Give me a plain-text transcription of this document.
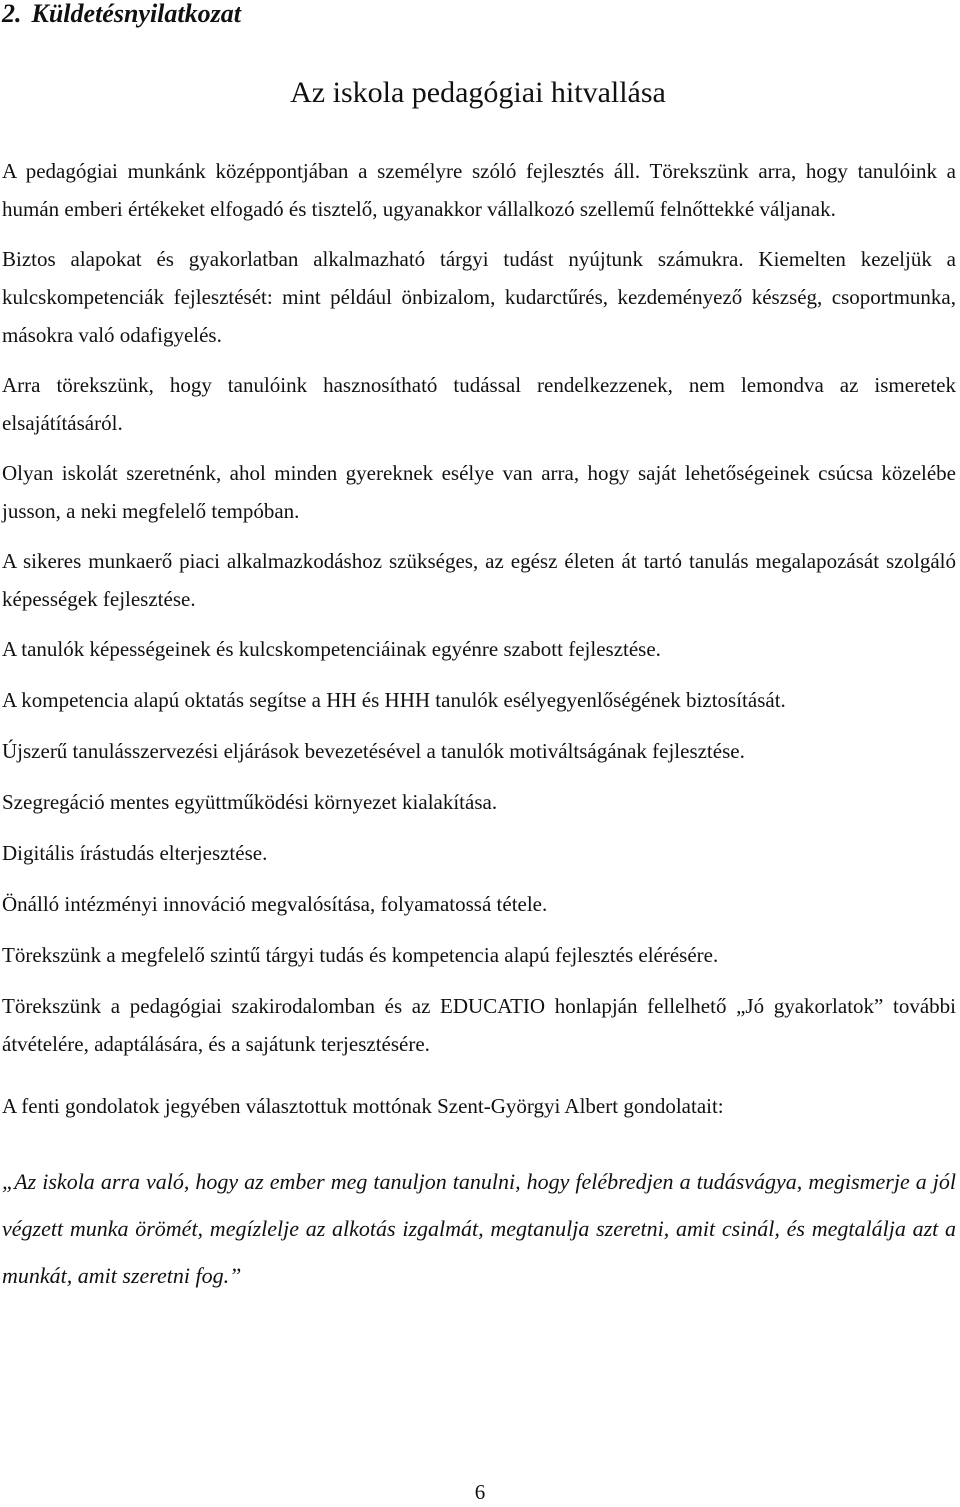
2. Küldetésnyilatkozat
Az iskola pedagógiai hitvallása

A pedagógiai munkánk középpontjában a személyre szóló fejlesztés áll. Törekszünk arra, hogy tanulóink a humán emberi értékeket elfogadó és tisztelő, ugyanakkor vállalkozó szellemű felnőttekké váljanak.

Biztos alapokat és gyakorlatban alkalmazható tárgyi tudást nyújtunk számukra. Kiemelten kezeljük a kulcskompetenciák fejlesztését: mint például önbizalom, kudarctűrés, kezdeményező készség, csoportmunka, másokra való odafigyelés.

Arra törekszünk, hogy tanulóink hasznosítható tudással rendelkezzenek, nem lemondva az ismeretek elsajátításáról.

Olyan iskolát szeretnénk, ahol minden gyereknek esélye van arra, hogy saját lehetőségeinek csúcsa közelébe jusson, a neki megfelelő tempóban.

A sikeres munkaerő piaci alkalmazkodáshoz szükséges, az egész életen át tartó tanulás megalapozását szolgáló képességek fejlesztése.

A tanulók képességeinek és kulcskompetenciáinak egyénre szabott fejlesztése.

A kompetencia alapú oktatás segítse a HH és HHH tanulók esélyegyenlőségének biztosítását.

Újszerű tanulásszervezési eljárások bevezetésével a tanulók motiváltságának fejlesztése.

Szegregáció mentes együttműködési környezet kialakítása.

Digitális írástudás elterjesztése.

Önálló intézményi innováció megvalósítása, folyamatossá tétele.

Törekszünk a megfelelő szintű tárgyi tudás és kompetencia alapú fejlesztés elérésére.

Törekszünk a pedagógiai szakirodalomban és az EDUCATIO honlapján fellelhető „Jó gyakorlatok” további átvételére, adaptálására, és a sajátunk terjesztésére.

A fenti gondolatok jegyében választottuk mottónak Szent-Györgyi Albert gondolatait:

„Az iskola arra való, hogy az ember meg tanuljon tanulni, hogy felébredjen a tudásvágya, megismerje a jól végzett munka örömét, megízlelje az alkotás izgalmát, megtanulja szeretni, amit csinál, és megtalálja azt a munkát, amit szeretni fog.”

6
